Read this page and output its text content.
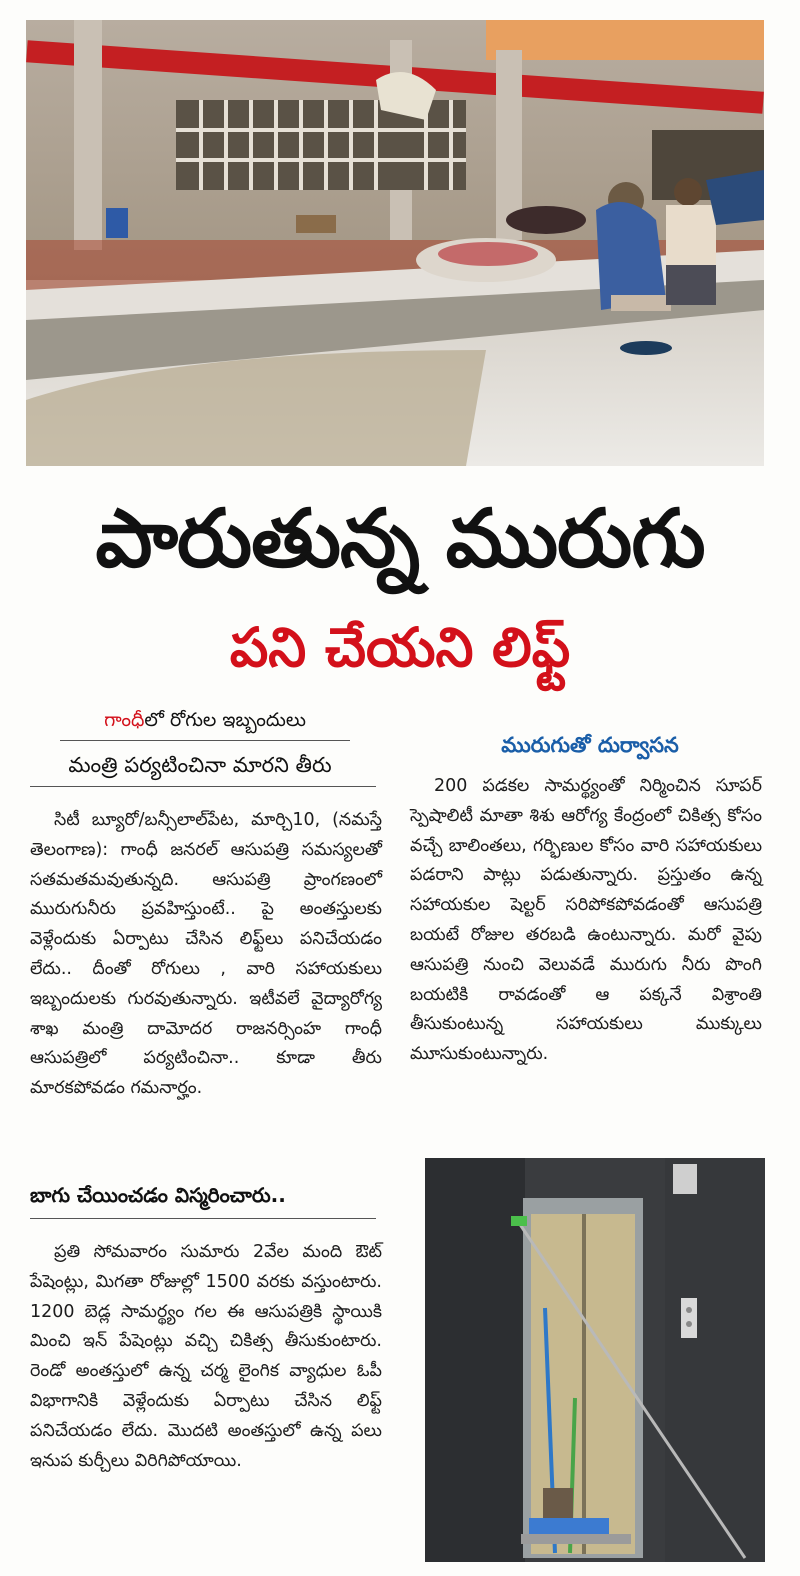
పారుతున్న మురుగు
పని చేయని లిఫ్ట్
గాంధీలో రోగుల ఇబ్బందులు
మంత్రి పర్యటించినా మారని తీరు
మురుగుతో దుర్వాసన

సిటీ బ్యూరో/బన్సీలాల్‌పేట, మార్చి10, (నమస్తే తెలంగాణ): గాంధీ జనరల్ ఆసుపత్రి సమస్యలతో సతమతమవుతున్నది. ఆసుపత్రి ప్రాంగణంలో మురుగునీరు ప్రవహిస్తుంటే.. పై అంతస్తులకు వెళ్లేందుకు ఏర్పాటు చేసిన లిఫ్ట్‌లు పనిచేయడం లేదు.. దీంతో రోగులు , వారి సహాయకులు ఇబ్బందులకు గురవుతున్నారు. ఇటీవలే వైద్యారోగ్య శాఖ మంత్రి దామోదర రాజనర్సింహ గాంధీ ఆసుపత్రిలో పర్యటించినా.. కూడా తీరు మారకపోవడం గమనార్హం.

బాగు చేయించడం విస్మరించారు..

ప్రతి సోమవారం సుమారు 2వేల మంది ఔట్ పేషెంట్లు, మిగతా రోజుల్లో 1500 వరకు వస్తుంటారు. 1200 బెడ్ల సామర్థ్యం గల ఈ ఆసుపత్రికి స్థాయికి మించి ఇన్ పేషెంట్లు వచ్చి చికిత్స తీసుకుంటారు. రెండో అంతస్తులో ఉన్న చర్మ లైంగిక వ్యాధుల ఓపీ విభాగానికి వెళ్లేందుకు ఏర్పాటు చేసిన లిఫ్ట్ పనిచేయడం లేదు. మొదటి అంతస్తులో ఉన్న పలు ఇనుప కుర్చీలు విరిగిపోయాయి.

200 పడకల సామర్థ్యంతో నిర్మించిన సూపర్ స్పెషాలిటీ మాతా శిశు ఆరోగ్య కేంద్రంలో చికిత్స కోసం వచ్చే బాలింతలు, గర్భిణుల కోసం వారి సహాయకులు పడరాని పాట్లు పడుతున్నారు. ప్రస్తుతం ఉన్న సహాయకుల షెల్టర్ సరిపోకపోవడంతో ఆసుపత్రి బయటే రోజుల తరబడి ఉంటున్నారు. మరో వైపు ఆసుపత్రి నుంచి వెలువడే మురుగు నీరు పొంగి బయటికి రావడంతో ఆ పక్కనే విశ్రాంతి తీసుకుంటున్న సహాయకులు ముక్కులు మూసుకుంటున్నారు.
